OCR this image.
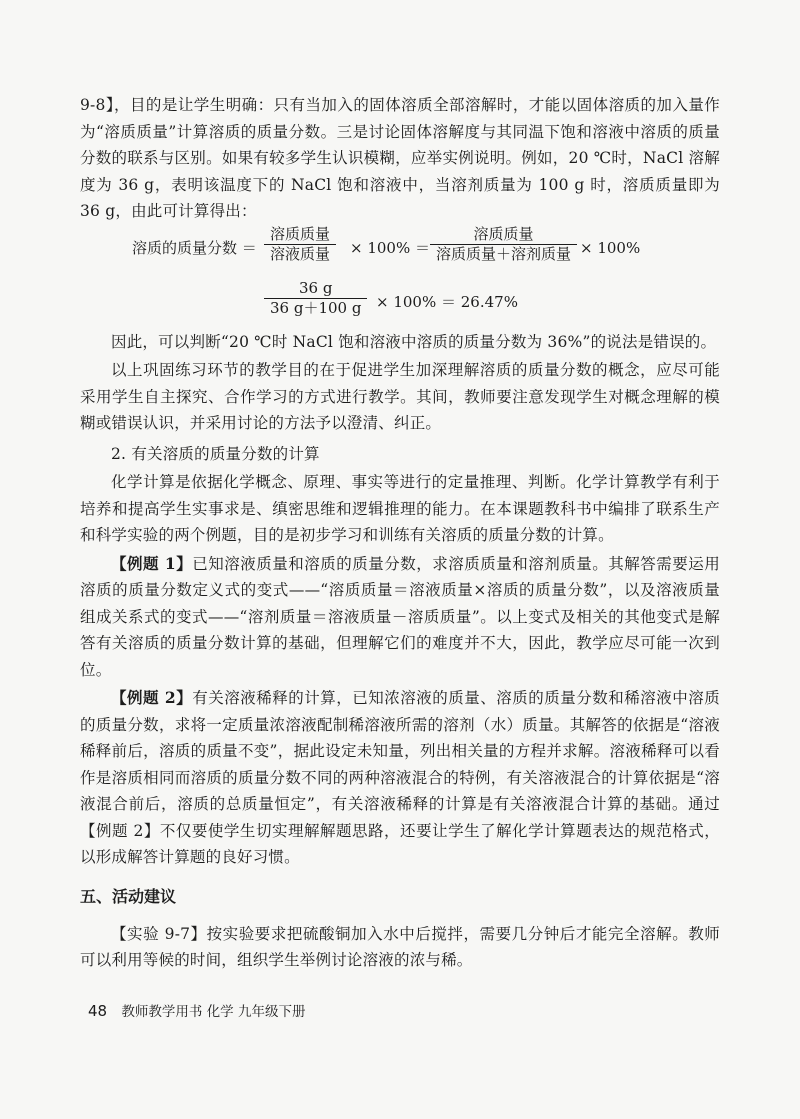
9-8】，目的是让学生明确：只有当加入的固体溶质全部溶解时，才能以固体溶质的加入量作为“溶质质量”计算溶质的质量分数。三是讨论固体溶解度与其同温下饱和溶液中溶质的质量分数的联系与区别。如果有较多学生认识模糊，应举实例说明。例如，20 ℃时，NaCl 溶解度为 36 g，表明该温度下的 NaCl 饱和溶液中，当溶剂质量为 100 g 时，溶质质量即为 36 g，由此可计算得出：

溶质的质量分数 ＝
溶质质量
溶液质量	× 100% ＝
溶质质量
溶质质量＋溶剂质量 × 100%
$\frac{36 g}{36 g+100 g} \times 100\% = 26.47\%$

因此，可以判断“20 ℃时 NaCl 饱和溶液中溶质的质量分数为 36%”的说法是错误的。

以上巩固练习环节的教学目的在于促进学生加深理解溶质的质量分数的概念，应尽可能采用学生自主探究、合作学习的方式进行教学。其间，教师要注意发现学生对概念理解的模糊或错误认识，并采用讨论的方法予以澄清、纠正。

2. 有关溶质的质量分数的计算

化学计算是依据化学概念、原理、事实等进行的定量推理、判断。化学计算教学有利于培养和提高学生实事求是、缜密思维和逻辑推理的能力。在本课题教科书中编排了联系生产和科学实验的两个例题，目的是初步学习和训练有关溶质的质量分数的计算。

【例题 1】已知溶液质量和溶质的质量分数，求溶质质量和溶剂质量。其解答需要运用溶质的质量分数定义式的变式——“溶质质量＝溶液质量×溶质的质量分数”，以及溶液质量组成关系式的变式——“溶剂质量＝溶液质量－溶质质量”。以上变式及相关的其他变式是解答有关溶质的质量分数计算的基础，但理解它们的难度并不大，因此，教学应尽可能一次到位。

【例题 2】有关溶液稀释的计算，已知浓溶液的质量、溶质的质量分数和稀溶液中溶质的质量分数，求将一定质量浓溶液配制稀溶液所需的溶剂（水）质量。其解答的依据是“溶液稀释前后，溶质的质量不变”，据此设定未知量，列出相关量的方程并求解。溶液稀释可以看作是溶质相同而溶质的质量分数不同的两种溶液混合的特例，有关溶液混合的计算依据是“溶液混合前后，溶质的总质量恒定”，有关溶液稀释的计算是有关溶液混合计算的基础。通过【例题 2】不仅要使学生切实理解解题思路，还要让学生了解化学计算题表达的规范格式，以形成解答计算题的良好习惯。

五、活动建议

【实验 9-7】按实验要求把硫酸铜加入水中后搅拌，需要几分钟后才能完全溶解。教师可以利用等候的时间，组织学生举例讨论溶液的浓与稀。

48 教师教学用书 化学 九年级下册
